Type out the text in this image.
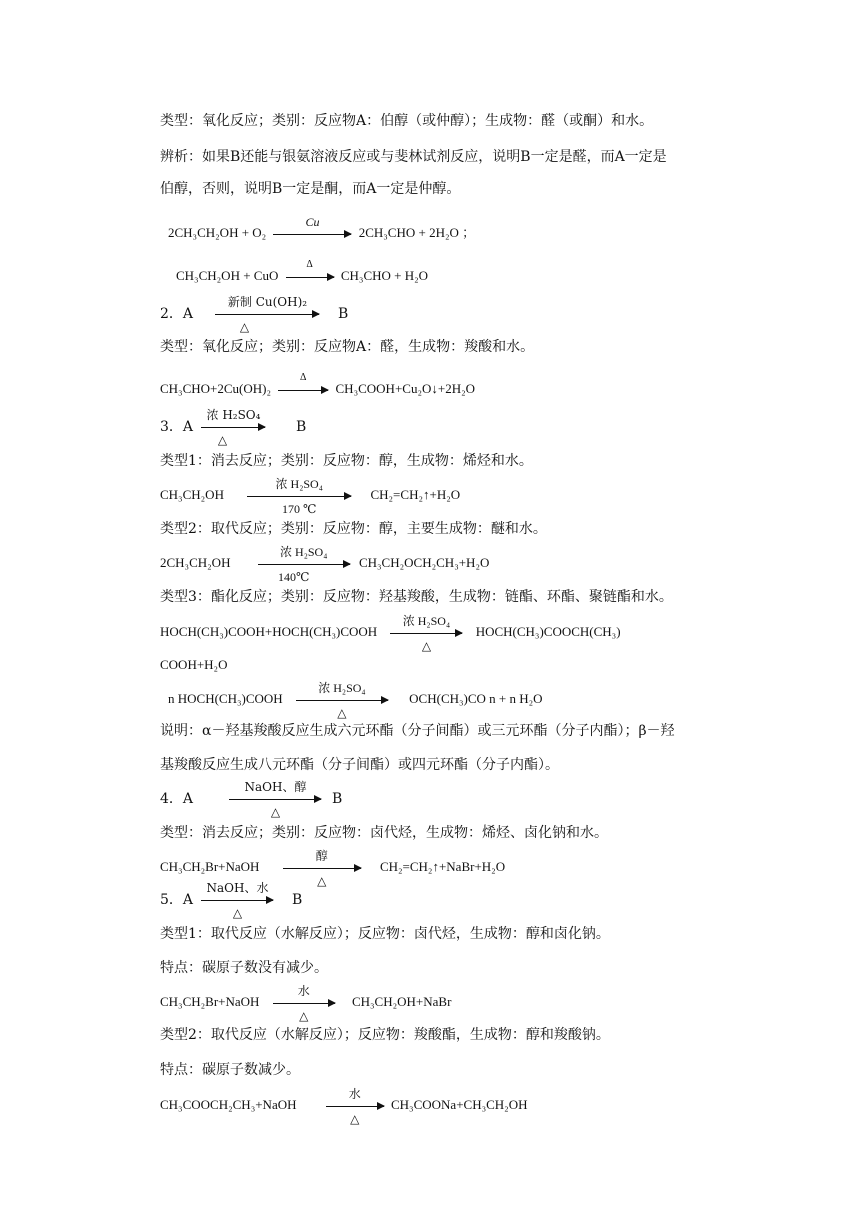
类型：氧化反应；类别：反应物A：伯醇（或仲醇）；生成物：醛（或酮）和水。
辨析：如果B还能与银氨溶液反应或与斐林试剂反应，说明B一定是醛，而A一定是
伯醇，否则，说明B一定是酮，而A一定是仲醇。
2CH₃CH₂OH + O₂
Cu
2CH₃CHO + 2H₂O ；
CH₃CH₂OH + CuO
Δ
CH₃CHO + H₂O
2．A
新制 Cu(OH)₂
△
B
类型：氧化反应；类别：反应物A：醛，生成物：羧酸和水。
CH₃CHO+2Cu(OH)₂
Δ
CH₃COOH+Cu₂O↓+2H₂O
3．A
浓 H₂SO₄
△
B
类型1：消去反应；类别：反应物：醇，生成物：烯烃和水。
CH₃CH₂OH
浓 H₂SO₄
170 ℃
CH₂=CH₂↑+H₂O
类型2：取代反应；类别：反应物：醇，主要生成物：醚和水。
2CH₃CH₂OH
浓 H₂SO₄
140℃
CH₃CH₂OCH₂CH₃+H₂O
类型3：酯化反应；类别：反应物：羟基羧酸，生成物：链酯、环酯、聚链酯和水。
HOCH(CH₃)COOH+HOCH(CH₃)COOH
浓 H₂SO₄
△
HOCH(CH₃)COOCH(CH₃)
COOH+H₂O
n HOCH(CH₃)COOH
浓 H₂SO₄
△
OCH(CH₃)CO n + n H₂O
说明：α－羟基羧酸反应生成六元环酯（分子间酯）或三元环酯（分子内酯）；β－羟
基羧酸反应生成八元环酯（分子间酯）或四元环酯（分子内酯）。
4．A
NaOH、醇
△
B
类型：消去反应；类别：反应物：卤代烃，生成物：烯烃、卤化钠和水。
CH₃CH₂Br+NaOH
醇
△
CH₂=CH₂↑+NaBr+H₂O
5．A
NaOH、水
△
B
类型1：取代反应（水解反应）；反应物：卤代烃，生成物：醇和卤化钠。
特点：碳原子数没有减少。
CH₃CH₂Br+NaOH
水
△
CH₃CH₂OH+NaBr
类型2：取代反应（水解反应）；反应物：羧酸酯，生成物：醇和羧酸钠。
特点：碳原子数减少。
CH₃COOCH₂CH₃+NaOH
水
△
CH₃COONa+CH₃CH₂OH
